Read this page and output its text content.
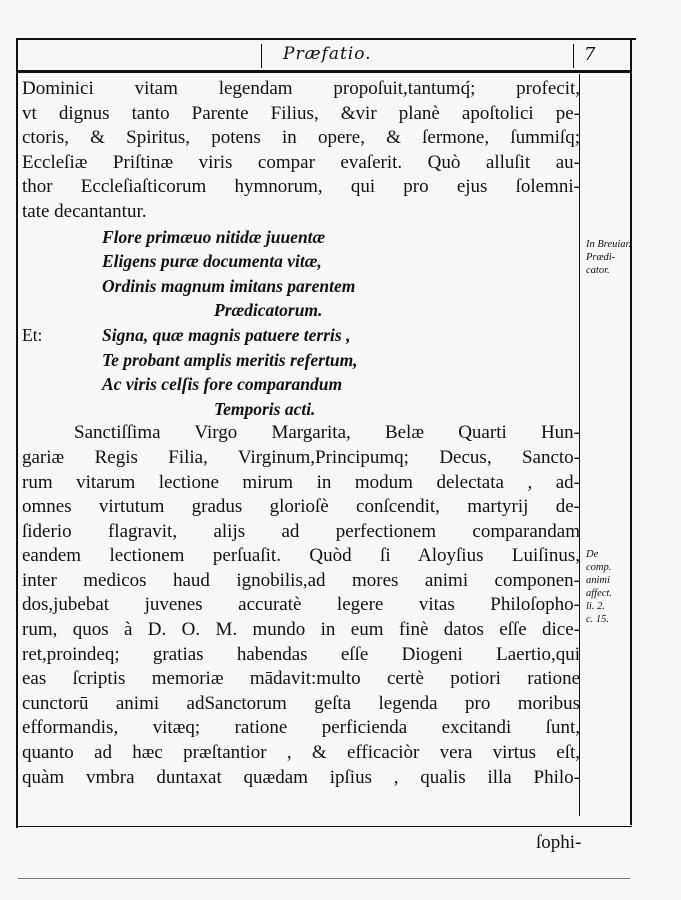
Præfatio.	7
Dominici vitam legendam propoſuit,tantumq́; profecit,
vt dignus tanto Parente Filius, &vir planè apoſtolici pe-
ctoris, & Spiritus, potens in opere, & ſermone, ſummiſq;
Eccleſiæ Priſtinæ viris compar evaſerit. Quò alluſit au-
thor Eccleſiaſticorum hymnorum, qui pro ejus ſolemni-
tate decantantur.
Flore primæuo nitidæ juuentæ
Eligens puræ documenta vitæ,
Ordinis magnum imitans parentem
Prædicatorum.
Et:	Signa, quæ magnis patuere terris ,
Te probant amplis meritis refertum,
Ac viris celſis fore comparandum
Temporis acti.
Sanctiſſima Virgo Margarita, Belæ Quarti Hun-
gariæ Regis Filia, Virginum,Principumq; Decus, Sancto-
rum vitarum lectione mirum in modum delectata , ad-
omnes virtutum gradus glorioſè conſcendit, martyrij de-
ſiderio flagravit, alijs ad perfectionem comparandam
eandem lectionem perſuaſit. Quòd ſi Aloyſius Luiſinus,
inter medicos haud ignobilis,ad mores animi componen-
dos,jubebat juvenes accuratè legere vitas Philoſopho-
rum, quos à D. O. M. mundo in eum finè datos eſſe dice-
ret,proindeq; gratias habendas eſſe Diogeni Laertio,qui
eas ſcriptis memoriæ mādavit:multo certè potiori ratione
cunctorū animi adSanctorum geſta legenda pro moribus
efformandis, vitæq; ratione perficienda excitandi ſunt,
quanto ad hæc præſtantior , & efficaciòr vera virtus eſt,
quàm vmbra duntaxat quædam ipſius , qualis illa Philo-
In Breuiar.
Prædi-
cator.
De
comp.
animi
affect.
li. 2.
c. 15.
ſophi-
